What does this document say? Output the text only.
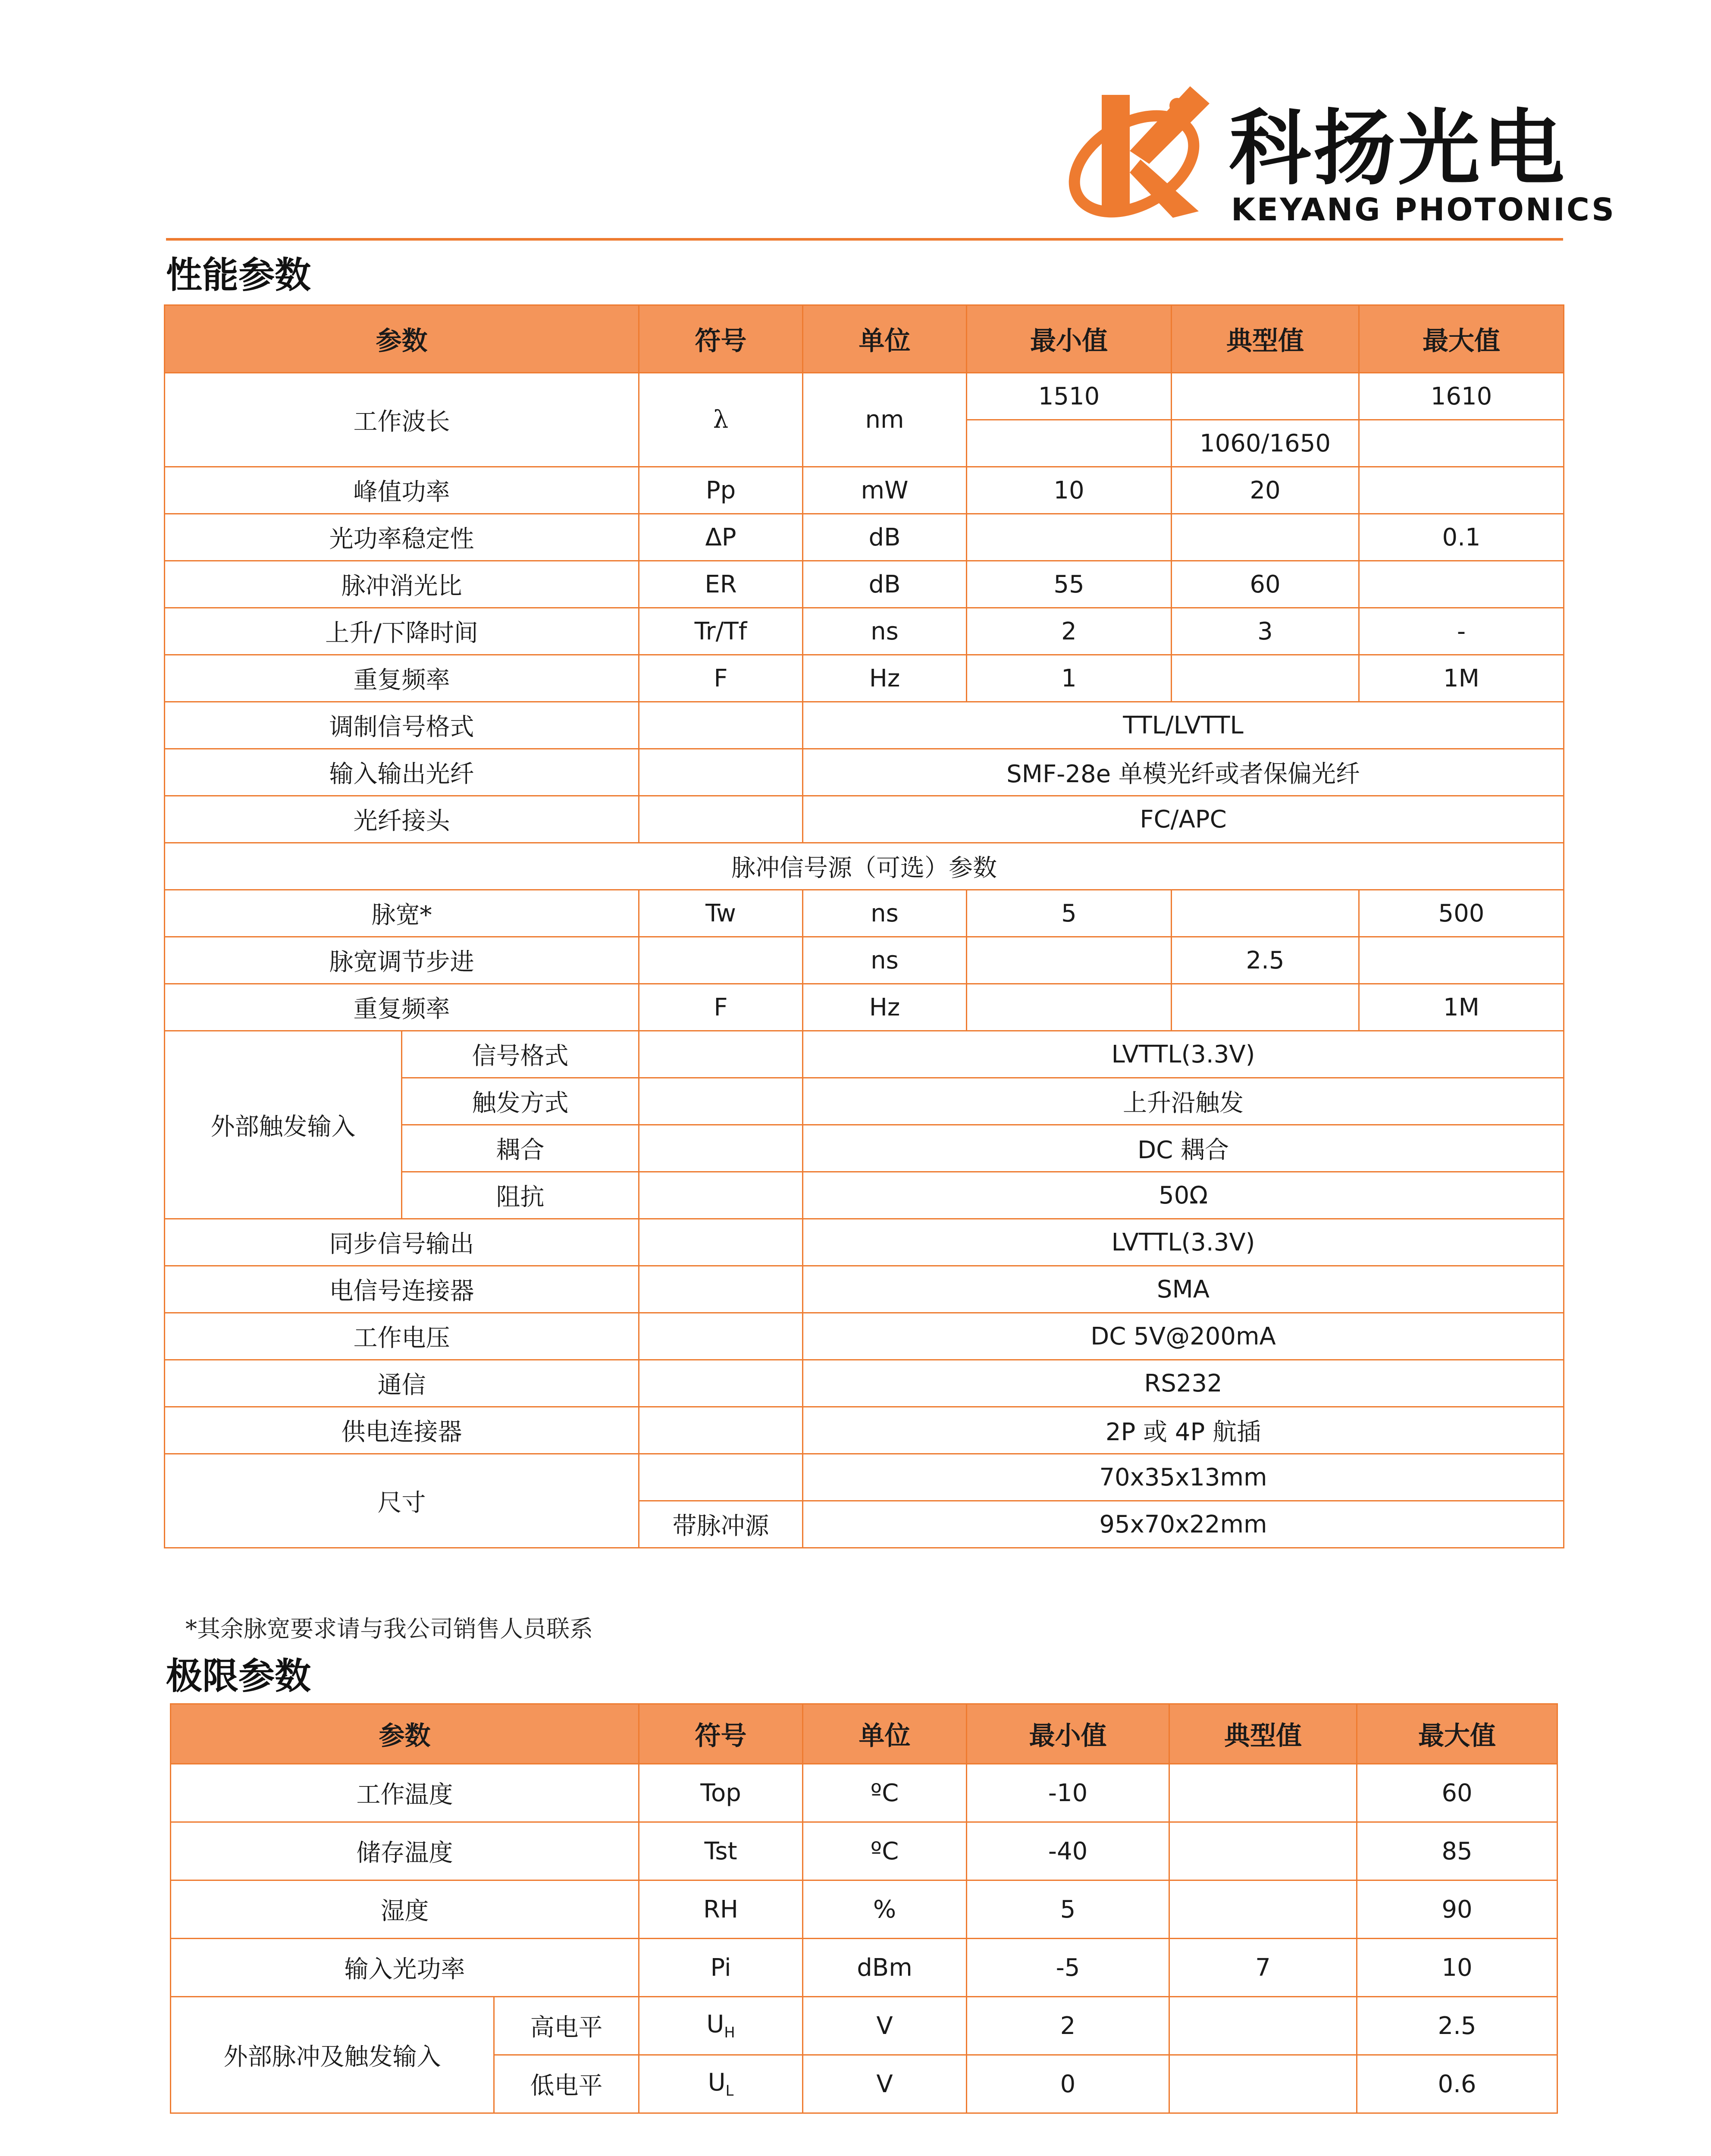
科扬光电
KEYANG PHOTONICS
性能参数
参数		符号	单位	最小值	典型值	最大值
工作波长		λ	nm	1510		1610
					1060/1650	
峰值功率		Pp	mW	10	20	
光功率稳定性		ΔP	dB			0.1
脉冲消光比		ER	dB	55	60	
上升/下降时间		Tr/Tf	ns	2	3	-
重复频率		F	Hz	1		1M
调制信号格式			TTL/LVTTL			
输入输出光纤			SMF-28e 单模光纤或者保偏光纤			
光纤接头			FC/APC			
脉冲信号源（可选）参数						
脉宽*		Tw	ns	5		500
脉宽调节步进			ns		2.5	
重复频率		F	Hz			1M
外部触发输入	信号格式		LVTTL(3.3V)			
	触发方式		上升沿触发			
	耦合		DC 耦合			
	阻抗		50Ω			
同步信号输出			LVTTL(3.3V)			
电信号连接器			SMA			
工作电压			DC 5V@200mA			
通信			RS232			
供电连接器			2P 或 4P 航插			
尺寸			70x35x13mm			
		带脉冲源	95x70x22mm			
*其余脉宽要求请与我公司销售人员联系
极限参数
参数		符号	单位	最小值	典型值	最大值
工作温度		Top	ºC	-10		60
储存温度		Tst	ºC	-40		85
湿度		RH	%	5		90
输入光功率		Pi	dBm	-5	7	10
外部脉冲及触发输入	高电平	$U_H$	V	2		2.5
	低电平	$U_L$	V	0		0.6
